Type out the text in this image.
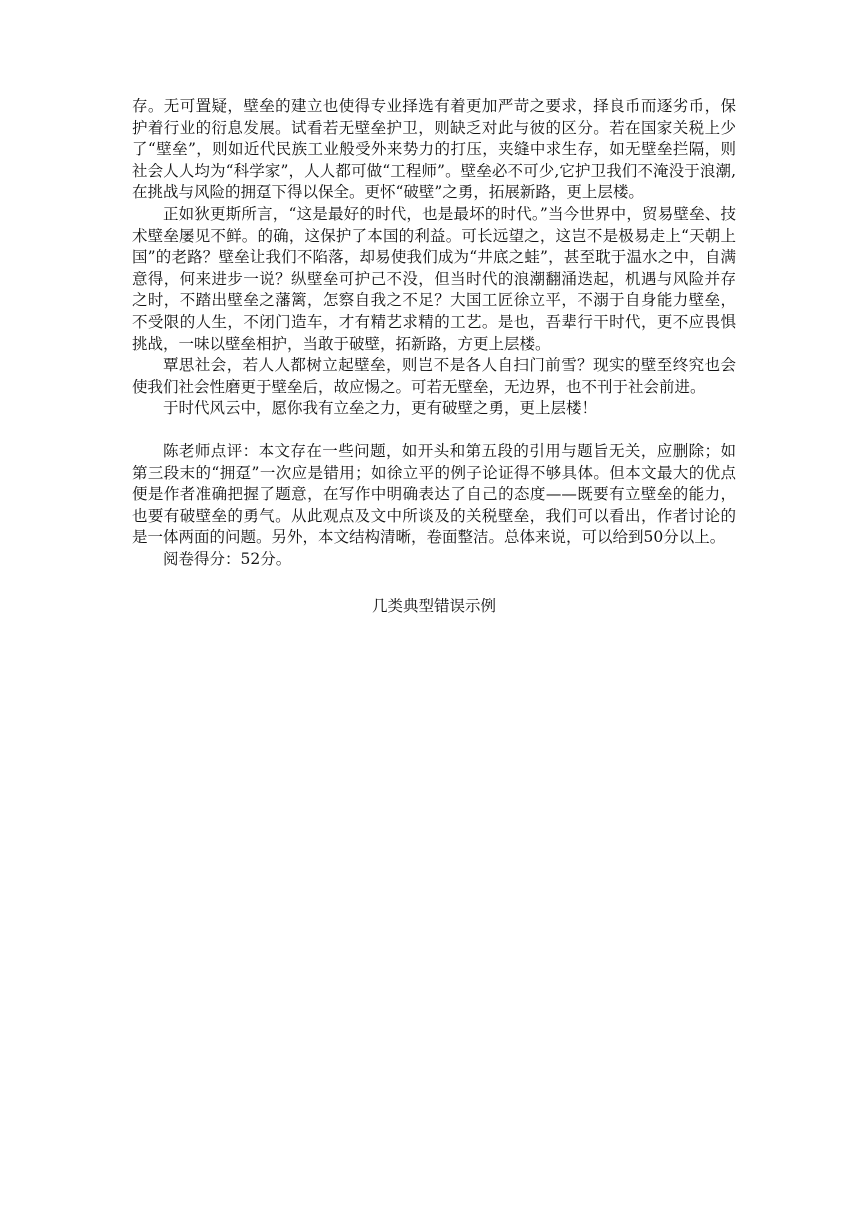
存。无可置疑，壁垒的建立也使得专业择选有着更加严苛之要求，择良币而逐劣币，保护着行业的衍息发展。试看若无壁垒护卫，则缺乏对此与彼的区分。若在国家关税上少了“壁垒”，则如近代民族工业般受外来势力的打压，夹缝中求生存，如无壁垒拦隔，则社会人人均为“科学家”，人人都可做“工程师”。壁垒必不可少,它护卫我们不淹没于浪潮,在挑战与风险的拥趸下得以保全。更怀“破壁”之勇，拓展新路，更上层楼。

正如狄更斯所言，“这是最好的时代，也是最坏的时代。”当今世界中，贸易壁垒、技术壁垒屡见不鲜。的确，这保护了本国的利益。可长远望之，这岂不是极易走上“天朝上国”的老路？壁垒让我们不陷落，却易使我们成为“井底之蛙”，甚至耽于温水之中，自满意得，何来进步一说？纵壁垒可护己不没，但当时代的浪潮翻涌迭起，机遇与风险并存之时，不踏出壁垒之藩篱，怎察自我之不足？大国工匠徐立平，不溺于自身能力壁垒，不受限的人生，不闭门造车，才有精艺求精的工艺。是也，吾辈行干时代，更不应畏惧挑战，一味以壁垒相护，当敢于破壁，拓新路，方更上层楼。

覃思社会，若人人都树立起壁垒，则岂不是各人自扫门前雪？现实的壁至终究也会使我们社会性磨更于壁垒后，故应惕之。可若无壁垒，无边界，也不刊于社会前进。

于时代风云中，愿你我有立垒之力，更有破壁之勇，更上层楼！

陈老师点评：本文存在一些问题，如开头和第五段的引用与题旨无关，应删除；如第三段末的“拥趸”一次应是错用；如徐立平的例子论证得不够具体。但本文最大的优点便是作者准确把握了题意，在写作中明确表达了自己的态度——既要有立壁垒的能力，也要有破壁垒的勇气。从此观点及文中所谈及的关税壁垒，我们可以看出，作者讨论的是一体两面的问题。另外，本文结构清晰，卷面整洁。总体来说，可以给到50分以上。

阅卷得分：52分。

几类典型错误示例
